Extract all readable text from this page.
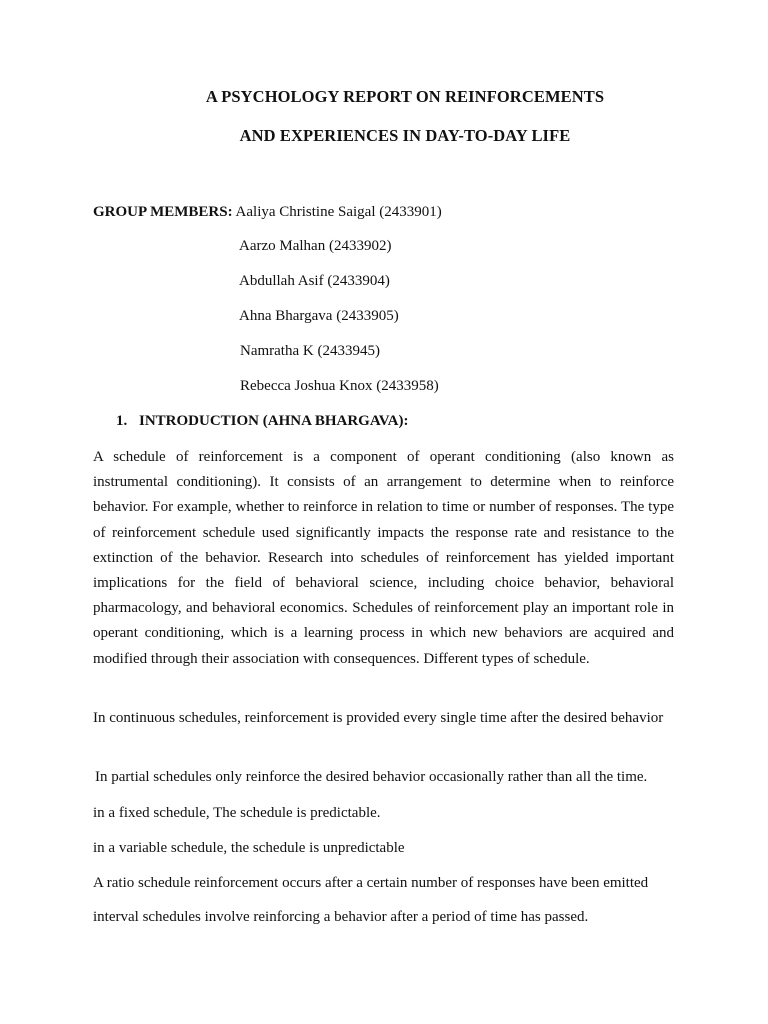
A PSYCHOLOGY REPORT ON REINFORCEMENTS
AND EXPERIENCES IN DAY-TO-DAY LIFE
GROUP MEMBERS: Aaliya Christine Saigal (2433901)
Aarzo Malhan (2433902)
Abdullah Asif (2433904)
Ahna Bhargava (2433905)
Namratha K (2433945)
Rebecca Joshua Knox (2433958)
1. INTRODUCTION (AHNA BHARGAVA):

A schedule of reinforcement is a component of operant conditioning (also known as instrumental conditioning). It consists of an arrangement to determine when to reinforce behavior. For example, whether to reinforce in relation to time or number of responses. The type of reinforcement schedule used significantly impacts the response rate and resistance to the extinction of the behavior. Research into schedules of reinforcement has yielded important implications for the field of behavioral science, including choice behavior, behavioral pharmacology, and behavioral economics. Schedules of reinforcement play an important role in operant conditioning, which is a learning process in which new behaviors are acquired and modified through their association with consequences. Different types of schedule.

In continuous schedules, reinforcement is provided every single time after the desired behavior

In partial schedules only reinforce the desired behavior occasionally rather than all the time.
in a fixed schedule, The schedule is predictable.
in a variable schedule, the schedule is unpredictable
A ratio schedule reinforcement occurs after a certain number of responses have been emitted
interval schedules involve reinforcing a behavior after a period of time has passed.
